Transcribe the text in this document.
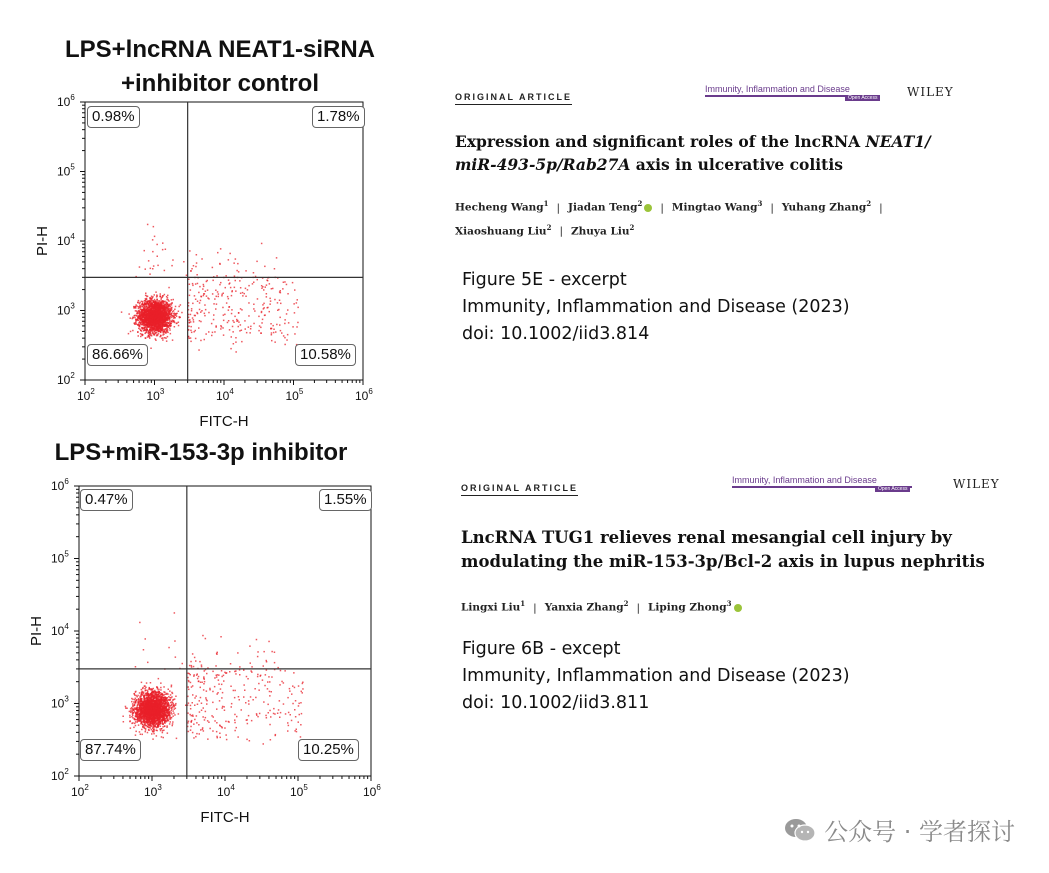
LPS+lncRNA NEAT1-siRNA
+inhibitor control
$10^2$
$10^2$
$10^3$
$10^3$
$10^4$
$10^4$
$10^5$
$10^5$
$10^6$
$10^6$
FITC-H
PI-H
0.98%	1.78%
86.66%	10.58%
LPS+miR-153-3p inhibitor
$10^2$
$10^2$
$10^3$
$10^3$
$10^4$
$10^4$
$10^5$
$10^5$
$10^6$
$10^6$
FITC-H
PI-H
0.47%	1.55%
87.74%	10.25%
ORIGINAL ARTICLE
Immunity, Inflammation and Disease
Open Access WILEY
Expression and significant roles of the lncRNA NEAT1/
miR-493-5p/Rab27A axis in ulcerative colitis
Hecheng Wang$^1$ | Jiadan Teng$^2$ | Mingtao Wang$^3$ | Yuhang Zhang$^2$ |
Xiaoshuang Liu$^2$ | Zhuya Liu$^2$
Figure 5E - excerpt
Immunity, Inflammation and Disease (2023)
doi: 10.1002/iid3.814
ORIGINAL ARTICLE
Immunity, Inflammation and Disease
Open Access	WILEY
LncRNA TUG1 relieves renal mesangial cell injury by
modulating the miR-153-3p/Bcl-2 axis in lupus nephritis
Lingxi Liu$^1$ | Yanxia Zhang$^2$ | Liping Zhong$^3$
Figure 6B - except
Immunity, Inflammation and Disease (2023)
doi: 10.1002/iid3.811
公众号 · 学者探讨
